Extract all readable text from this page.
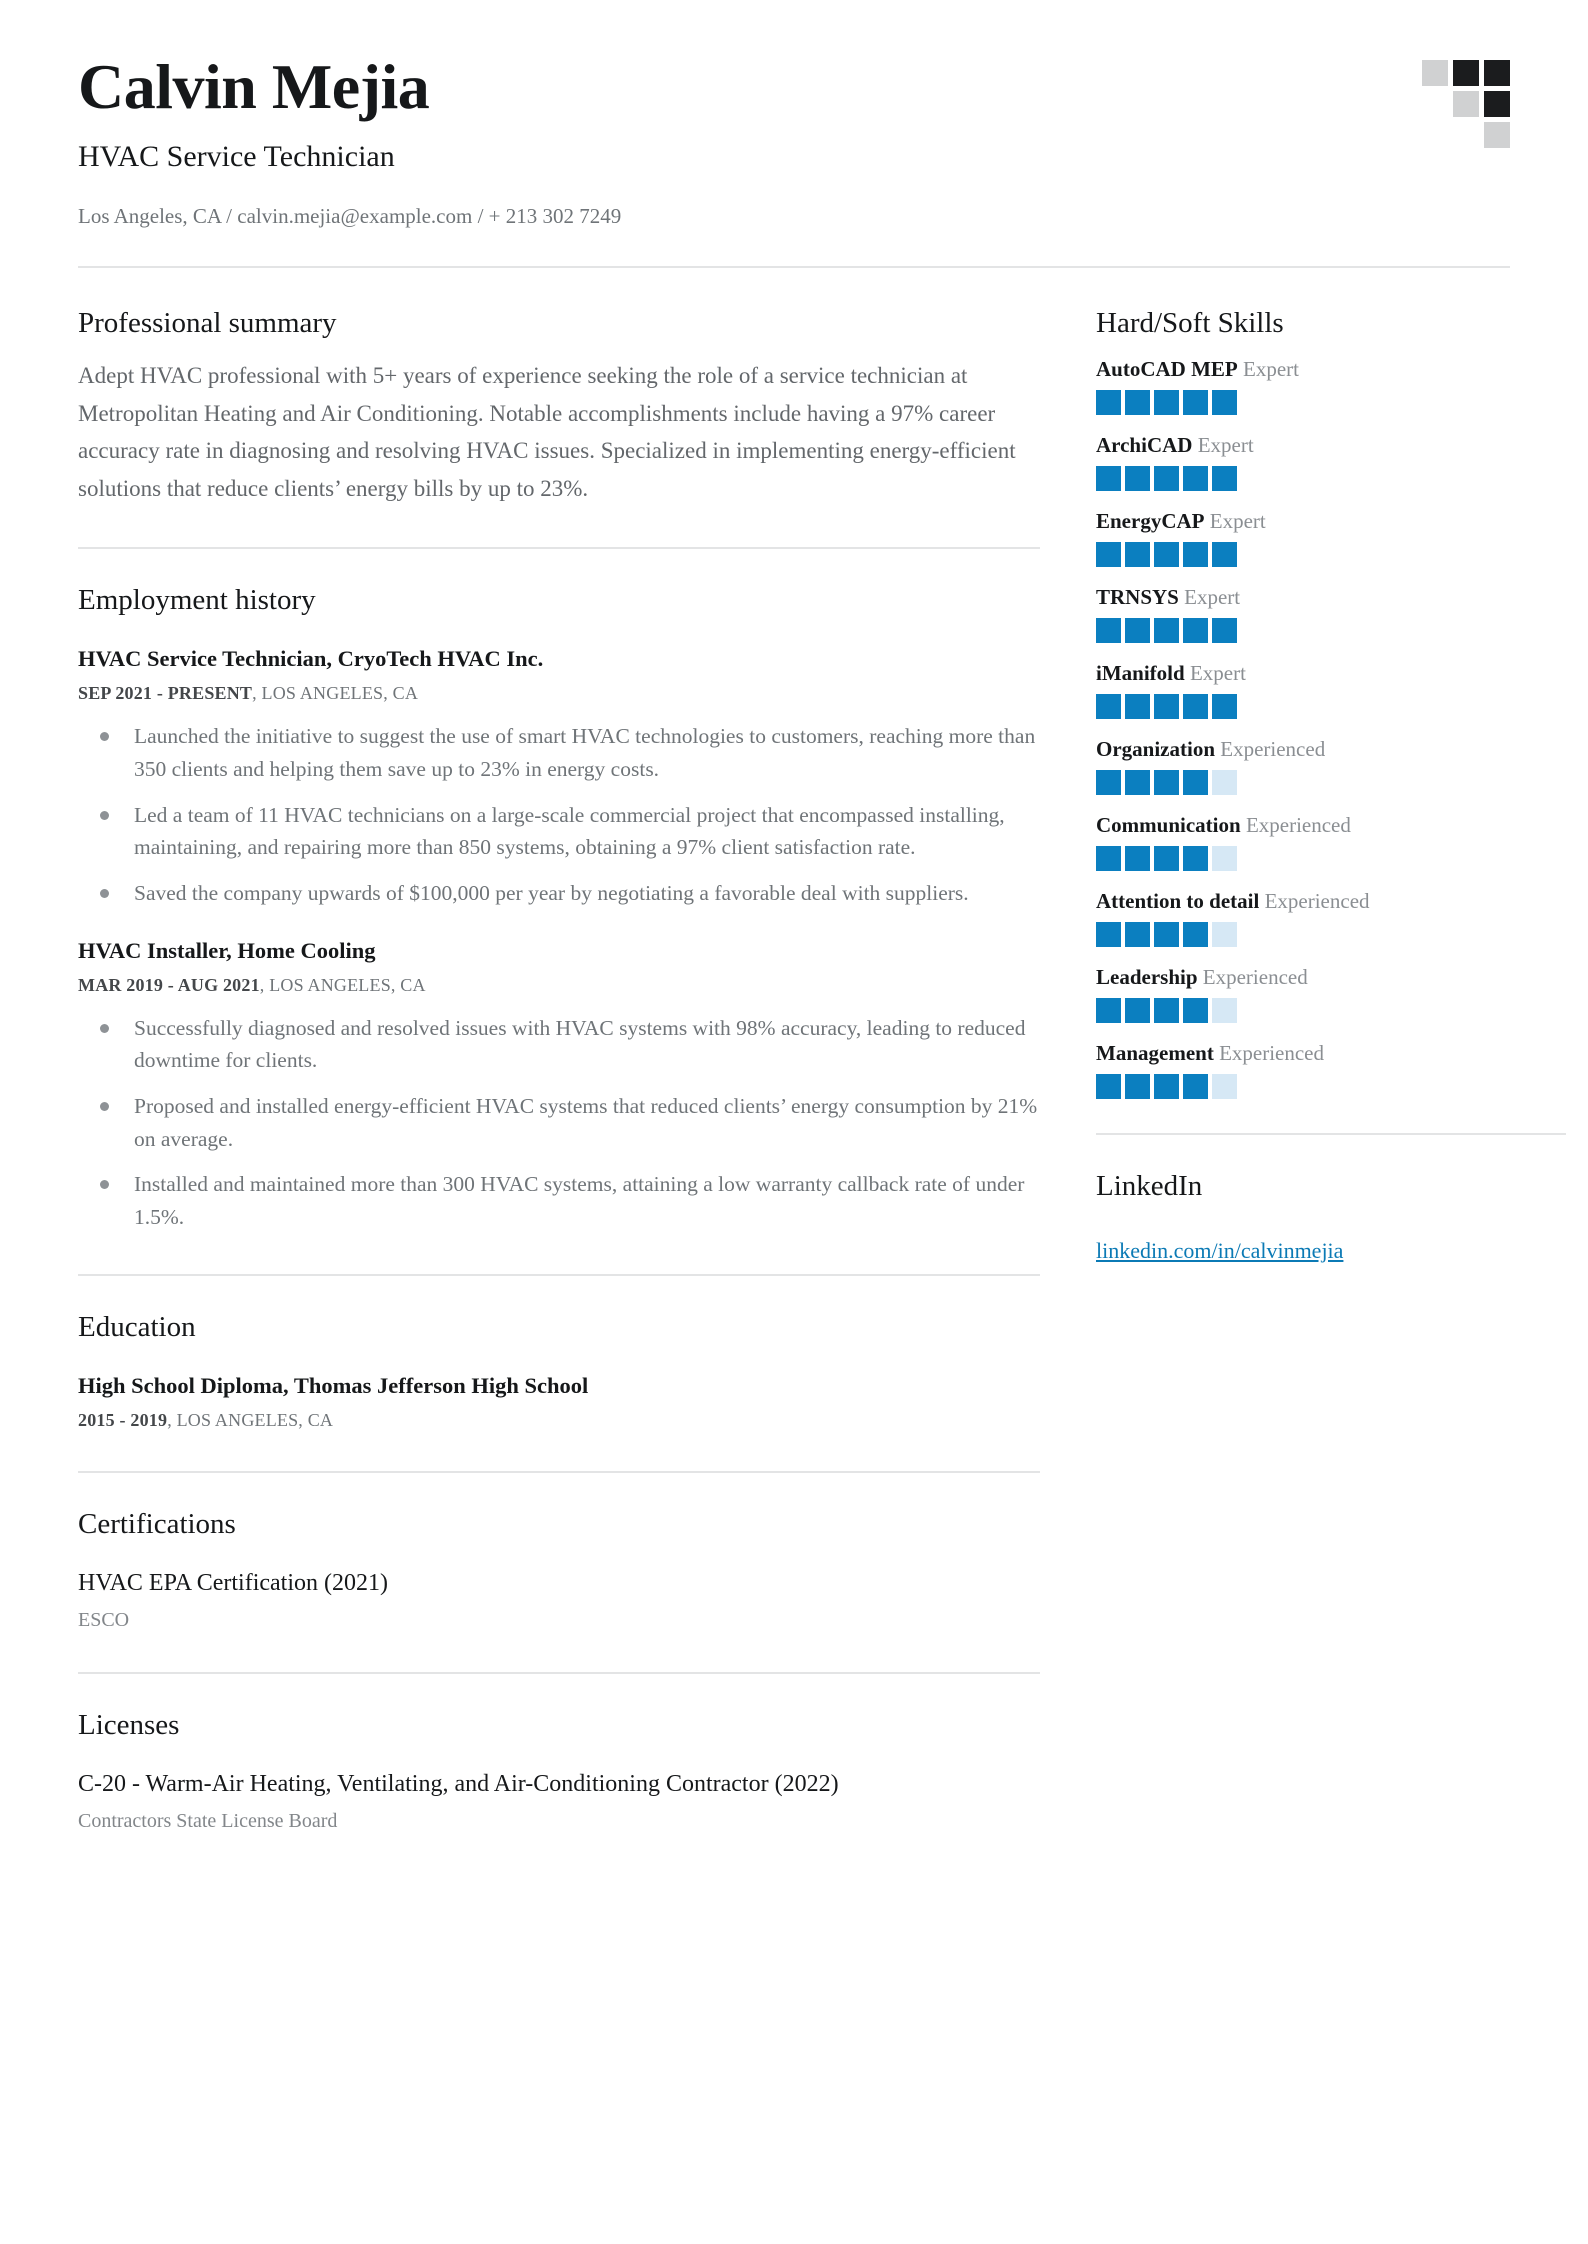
Calvin Mejia
HVAC Service Technician
Los Angeles, CA / calvin.mejia@example.com / + 213 302 7249
Professional summary

Adept HVAC professional with 5+ years of experience seeking the role of a service technician at Metropolitan Heating and Air Conditioning. Notable accomplishments include having a 97% career accuracy rate in diagnosing and resolving HVAC issues. Specialized in implementing energy-efficient solutions that reduce clients’ energy bills by up to 23%.

Employment history
HVAC Service Technician, CryoTech HVAC Inc.
SEP 2021 - PRESENT, LOS ANGELES, CA
Launched the initiative to suggest the use of smart HVAC technologies to customers, reaching more than 350 clients and helping them save up to 23% in energy costs.
Led a team of 11 HVAC technicians on a large-scale commercial project that encompassed installing, maintaining, and repairing more than 850 systems, obtaining a 97% client satisfaction rate.
Saved the company upwards of $100,000 per year by negotiating a favorable deal with suppliers.
HVAC Installer, Home Cooling
MAR 2019 - AUG 2021, LOS ANGELES, CA
Successfully diagnosed and resolved issues with HVAC systems with 98% accuracy, leading to reduced downtime for clients.
Proposed and installed energy-efficient HVAC systems that reduced clients’ energy consumption by 21% on average.
Installed and maintained more than 300 HVAC systems, attaining a low warranty callback rate of under 1.5%.
Education
High School Diploma, Thomas Jefferson High School
2015 - 2019, LOS ANGELES, CA
Certifications
HVAC EPA Certification (2021)
ESCO
Licenses
C-20 - Warm-Air Heating, Ventilating, and Air-Conditioning Contractor (2022)
Contractors State License Board
Hard/Soft Skills
AutoCAD MEP Expert
ArchiCAD Expert
EnergyCAP Expert
TRNSYS Expert
iManifold Expert
Organization Experienced
Communication Experienced
Attention to detail Experienced
Leadership Experienced
Management Experienced
LinkedIn
linkedin.com/in/calvinmejia
